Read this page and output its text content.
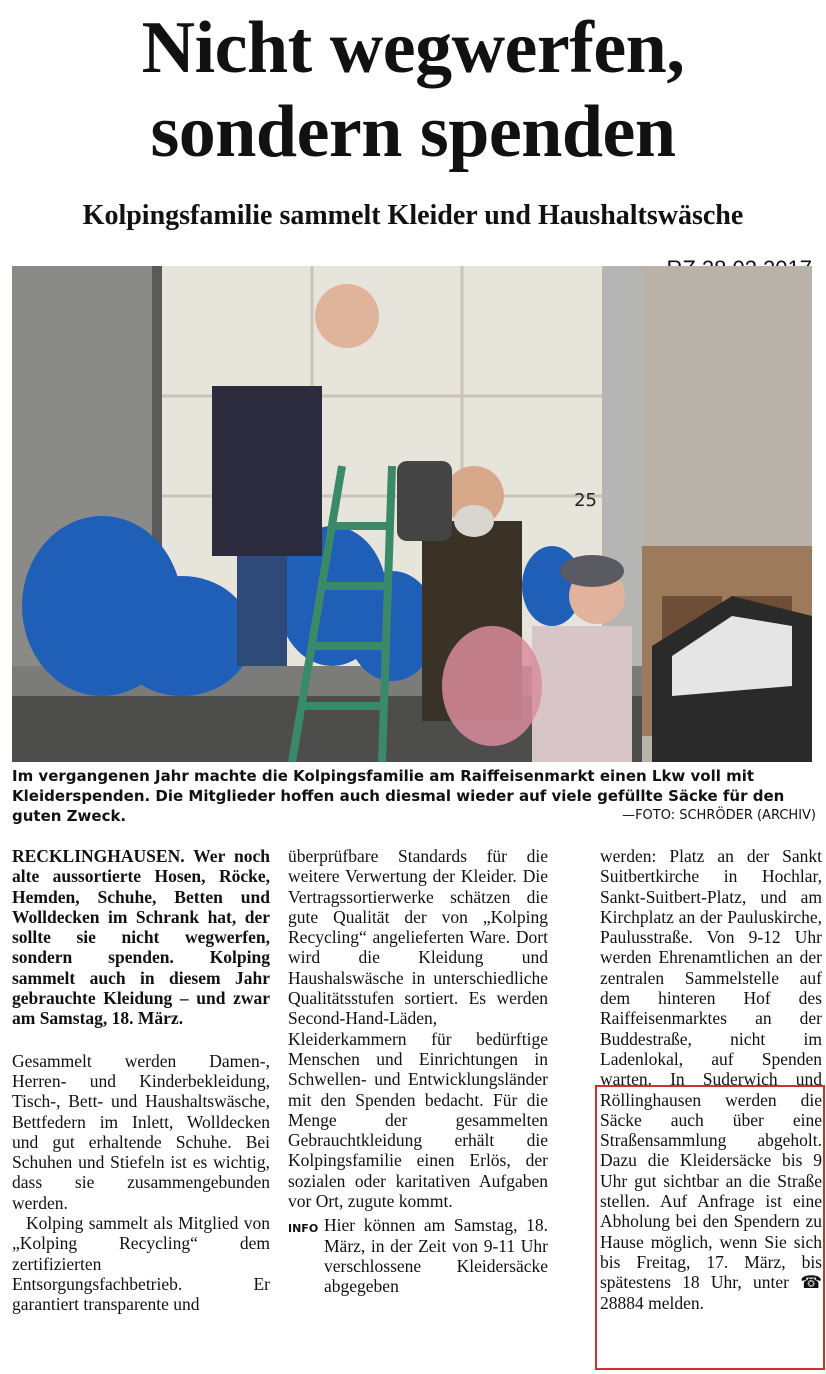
Nicht wegwerfen,
sondern spenden
Kolpingsfamilie sammelt Kleider und Haushaltswäsche
25
Im vergangenen Jahr machte die Kolpingsfamilie am Raiffeisenmarkt einen Lkw voll mit Kleiderspenden. Die Mitglieder hoffen auch diesmal wieder auf viele gefüllte Säcke für den guten Zweck.	—FOTO: SCHRÖDER (ARCHIV)

RECKLINGHAUSEN. Wer noch alte aussortierte Hosen, Röcke, Hemden, Schuhe, Betten und Wolldecken im Schrank hat, der sollte sie nicht wegwerfen, sondern spenden. Kolping sammelt auch in diesem Jahr gebrauchte Kleidung – und zwar am Samstag, 18. März.

Gesammelt werden Damen-, Herren- und Kinderbekleidung, Tisch-, Bett- und Haushaltswäsche, Bettfedern im Inlett, Wolldecken und gut erhaltende Schuhe. Bei Schuhen und Stiefeln ist es wichtig, dass sie zusammengebunden werden.

Kolping sammelt als Mitglied von „Kolping Recycling“ dem zertifizierten Entsorgungsfachbetrieb. Er garantiert transparente und

überprüfbare Standards für die weitere Verwertung der Kleider. Die Vertragssortierwerke schätzen die gute Qualität der von „Kolping Recycling“ angelieferten Ware. Dort wird die Kleidung und Haushalswäsche in unterschiedliche Qualitätsstufen sortiert. Es werden Second-Hand-Läden, Kleiderkammern für bedürftige Menschen und Einrichtungen in Schwellen- und Entwicklungsländer mit den Spenden bedacht. Für die Menge der gesammelten Gebrauchtkleidung erhält die Kolpingsfamilie einen Erlös, der sozialen oder karitativen Aufgaben vor Ort, zugute kommt.

INFO Hier können am Samstag, 18. März, in der Zeit von 9-11 Uhr verschlossene Kleidersäcke abgegeben

werden: Platz an der Sankt Suitbertkirche in Hochlar, Sankt-Suitbert-Platz, und am Kirchplatz an der Pauluskirche, Paulusstraße. Von 9-12 Uhr werden Ehrenamtlichen an der zentralen Sammelstelle auf dem hinteren Hof des Raiffeisenmarktes an der Buddestraße, nicht im Ladenlokal, auf Spenden warten. In Suderwich und Röllinghausen werden die Säcke auch über eine Straßensammlung abgeholt. Dazu die Kleidersäcke bis 9 Uhr gut sichtbar an die Straße stellen. Auf Anfrage ist eine Abholung bei den Spendern zu Hause möglich, wenn Sie sich bis Freitag, 17. März, bis spätestens 18 Uhr, unter ☎ 28884 melden.
